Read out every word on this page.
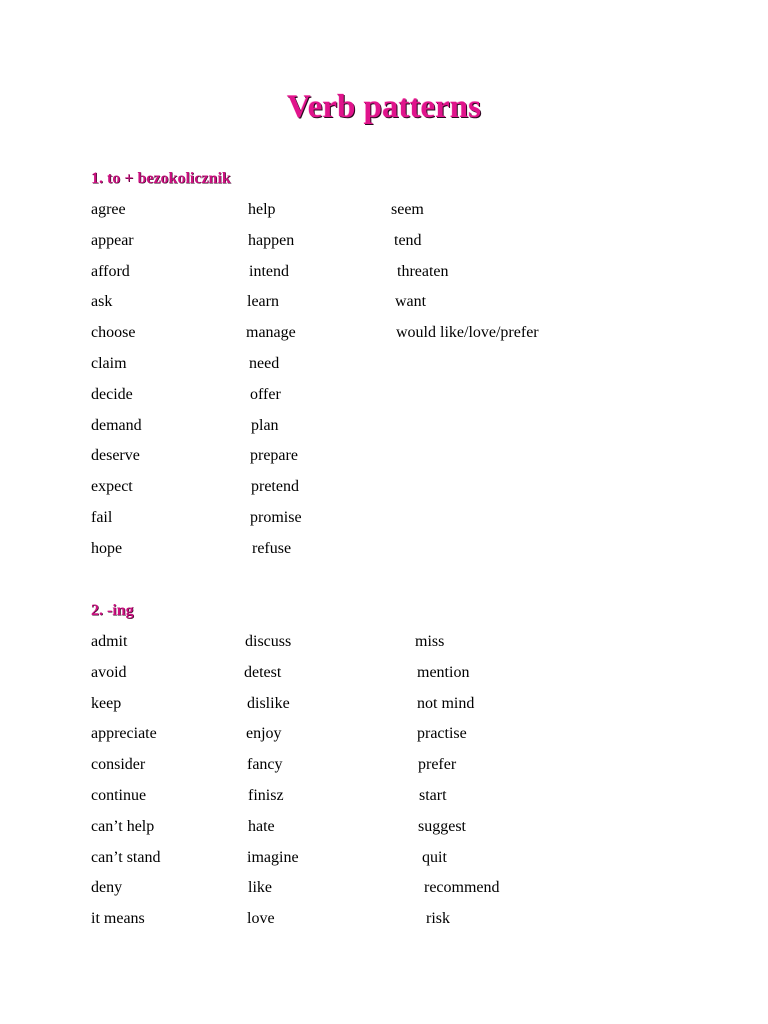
Verb patterns
1. to + bezokolicznik
agree	help	seem
appear	happen	tend
afford	intend	threaten
ask	learn	want
choose	manage	would like/love/prefer
claim	need
decide	offer
demand	plan
deserve	prepare
expect	pretend
fail	promise
hope	refuse
2. -ing
admit	discuss	miss
avoid	detest	mention
keep	dislike	not mind
appreciate	enjoy	practise
consider	fancy	prefer
continue	finisz	start
can’t help	hate	suggest
can’t stand	imagine	quit
deny	like	recommend
it means	love	risk
